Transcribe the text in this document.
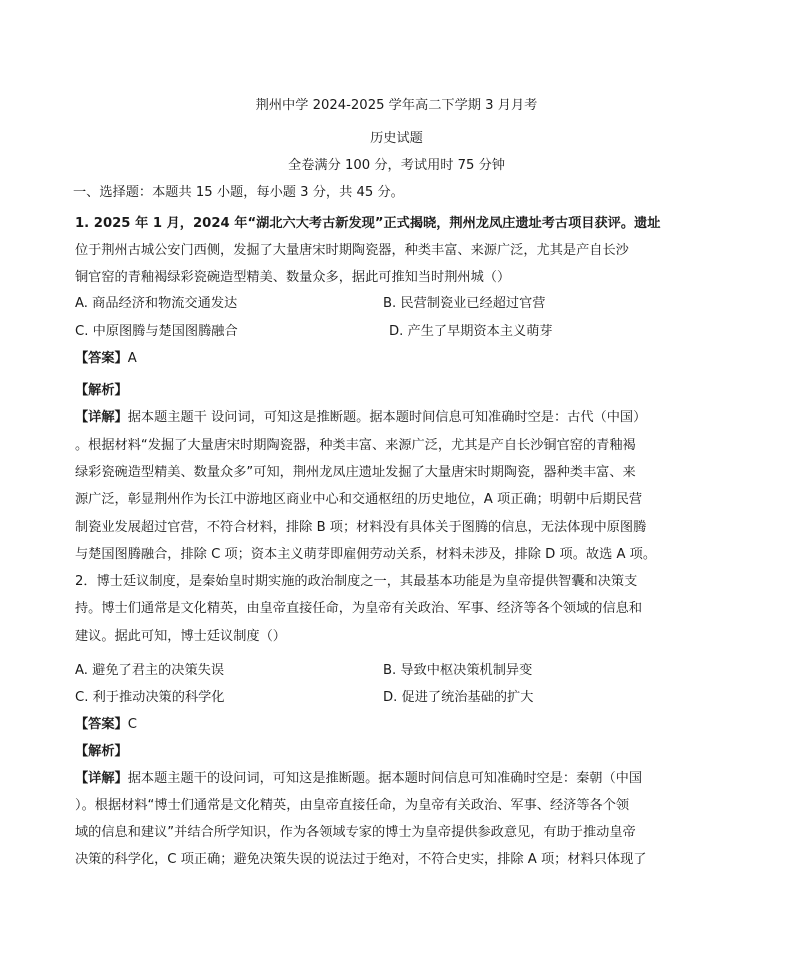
荆州中学 2024-2025 学年高二下学期 3 月月考
历史试题
全卷满分 100 分，考试用时 75 分钟
一、选择题：本题共 15 小题，每小题 3 分，共 45 分。
1. 2025 年 1 月，2024 年“湖北六大考古新发现”正式揭晓，荆州龙凤庄遗址考古项目获评。遗址
位于荆州古城公安门西侧，发掘了大量唐宋时期陶瓷器，种类丰富、来源广泛，尤其是产自长沙
铜官窑的青釉褐绿彩瓷碗造型精美、数量众多，据此可推知当时荆州城（）
A. 商品经济和物流交通发达	B. 民营制瓷业已经超过官营
C. 中原图腾与楚国图腾融合	D. 产生了早期资本主义萌芽
【答案】A
【解析】
【详解】据本题主题干 设问词，可知这是推断题。据本题时间信息可知准确时空是：古代（中国）
。根据材料“发掘了大量唐宋时期陶瓷器，种类丰富、来源广泛，尤其是产自长沙铜官窑的青釉褐
绿彩瓷碗造型精美、数量众多”可知，荆州龙凤庄遗址发掘了大量唐宋时期陶瓷，器种类丰富、来
源广泛，彰显荆州作为长江中游地区商业中心和交通枢纽的历史地位，A 项正确；明朝中后期民营
制瓷业发展超过官营，不符合材料，排除 B 项；材料没有具体关于图腾的信息，无法体现中原图腾
与楚国图腾融合，排除 C 项；资本主义萌芽即雇佣劳动关系，材料未涉及，排除 D 项。故选 A 项。
2．博士廷议制度，是秦始皇时期实施的政治制度之一，其最基本功能是为皇帝提供智囊和决策支
持。博士们通常是文化精英，由皇帝直接任命，为皇帝有关政治、军事、经济等各个领域的信息和
建议。据此可知，博士廷议制度（）
A. 避免了君主的决策失误	B. 导致中枢决策机制异变
C. 利于推动决策的科学化	D. 促进了统治基础的扩大
【答案】C
【解析】
【详解】据本题主题干的设问词，可知这是推断题。据本题时间信息可知准确时空是：秦朝（中国
）。根据材料“博士们通常是文化精英，由皇帝直接任命，为皇帝有关政治、军事、经济等各个领
域的信息和建议”并结合所学知识，作为各领域专家的博士为皇帝提供参政意见，有助于推动皇帝
决策的科学化，C 项正确；避免决策失误的说法过于绝对，不符合史实，排除 A 项；材料只体现了
